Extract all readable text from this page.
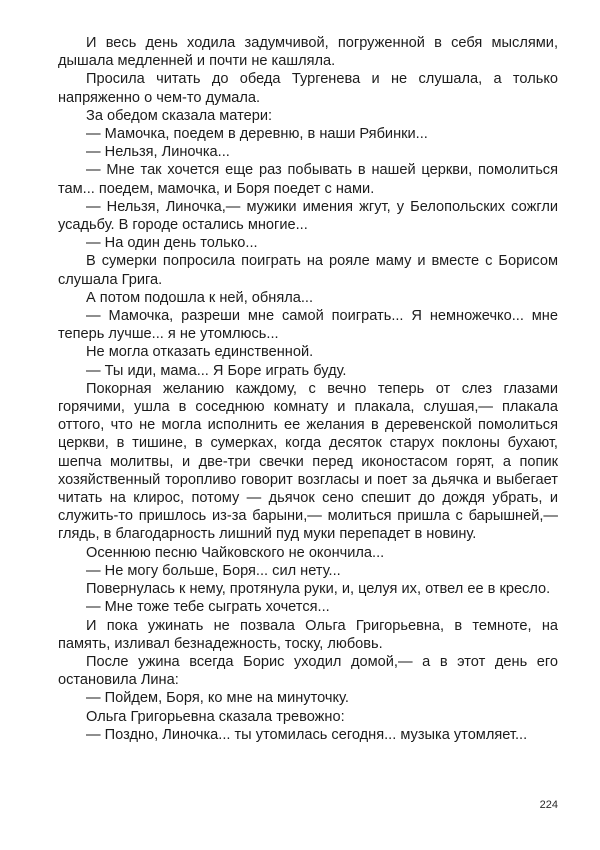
И весь день ходила задумчивой, погруженной в себя мыслями, дышала медленней и почти не кашляла.

Просила читать до обеда Тургенева и не слушала, а только напряженно о чем-то думала.

За обедом сказала матери:

— Мамочка, поедем в деревню, в наши Рябинки...

— Нельзя, Линочка...

— Мне так хочется еще раз побывать в нашей церкви, помолиться там... поедем, мамочка, и Боря поедет с нами.

— Нельзя, Линочка,— мужики имения жгут, у Белопольских сожгли усадьбу. В городе остались многие...

— На один день только...

В сумерки попросила поиграть на рояле маму и вместе с Борисом слушала Грига.

А потом подошла к ней, обняла...

— Мамочка, разреши мне самой поиграть... Я немножечко... мне теперь лучше... я не утомлюсь...

Не могла отказать единственной.

— Ты иди, мама... Я Боре играть буду.

Покорная желанию каждому, с вечно теперь от слез глазами горячими, ушла в соседнюю комнату и плакала, слушая,— плакала оттого, что не могла исполнить ее желания в деревенской помолиться церкви, в тишине, в сумерках, когда десяток старух поклоны бухают, шепча молитвы, и две-три свечки перед иконостасом горят, а попик хозяйственный торопливо говорит возгласы и поет за дьячка и выбегает читать на клирос, потому — дьячок сено спешит до дождя убрать, и служить-то пришлось из-за барыни,— молиться пришла с барышней,— глядь, в благодарность лишний пуд муки перепадет в новину.

Осеннюю песню Чайковского не окончила...

— Не могу больше, Боря... сил нету...

Повернулась к нему, протянула руки, и, целуя их, отвел ее в кресло.

— Мне тоже тебе сыграть хочется...

И пока ужинать не позвала Ольга Григорьевна, в темноте, на память, изливал безнадежность, тоску, любовь.

После ужина всегда Борис уходил домой,— а в этот день его остановила Лина:

— Пойдем, Боря, ко мне на минуточку.

Ольга Григорьевна сказала тревожно:

— Поздно, Линочка... ты утомилась сегодня... музыка утомляет...

224
